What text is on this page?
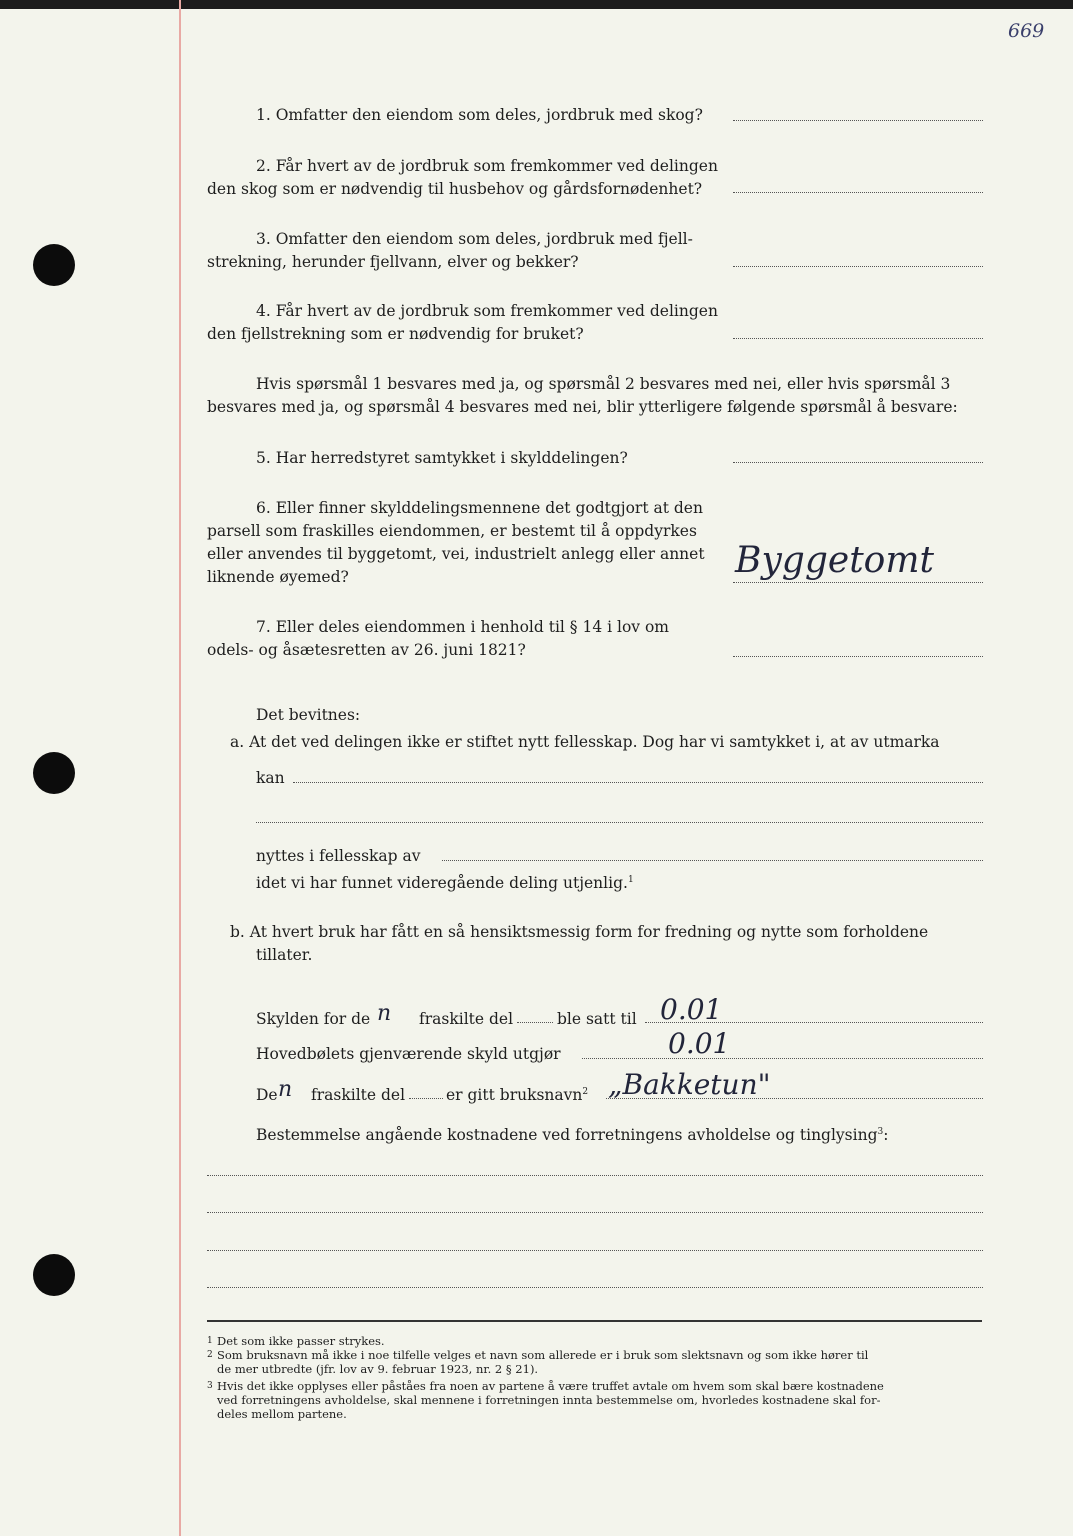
669
1. Omfatter den eiendom som deles, jordbruk med skog?
2. Får hvert av de jordbruk som fremkommer ved delingen
den skog som er nødvendig til husbehov og gårdsfornødenhet?
3. Omfatter den eiendom som deles, jordbruk med fjell-
strekning, herunder fjellvann, elver og bekker?
4. Får hvert av de jordbruk som fremkommer ved delingen
den fjellstrekning som er nødvendig for bruket?
Hvis spørsmål 1 besvares med ja, og spørsmål 2 besvares med nei, eller hvis spørsmål 3
besvares med ja, og spørsmål 4 besvares med nei, blir ytterligere følgende spørsmål å besvare:
5. Har herredstyret samtykket i skylddelingen?
6. Eller finner skylddelingsmennene det godtgjort at den
parsell som fraskilles eiendommen, er bestemt til å oppdyrkes
eller anvendes til byggetomt, vei, industrielt anlegg eller annet
liknende øyemed?	Byggetomt
7. Eller deles eiendommen i henhold til § 14 i lov om
odels- og åsætesretten av 26. juni 1821?
Det bevitnes:
a. At det ved delingen ikke er stiftet nytt fellesskap. Dog har vi samtykket i, at av utmarka
kan
nyttes i fellesskap av
idet vi har funnet videregående deling utjenlig.$^1$
b. At hvert bruk har fått en så hensiktsmessig form for fredning og nytte som forholdene
tillater.
Skylden for de n fraskilte del	ble satt til 0.01
Hovedbølets gjenværende skyld utgjør	0.01
De n fraskilte del	er gitt bruksnavn$^2$ „Bakketun"
Bestemmelse angående kostnadene ved forretningens avholdelse og tinglysing$^3$:
1 Det som ikke passer strykes.
2 Som bruksnavn må ikke i noe tilfelle velges et navn som allerede er i bruk som slektsnavn og som ikke hører til
de mer utbredte (jfr. lov av 9. februar 1923, nr. 2 § 21).
3 Hvis det ikke opplyses eller påståes fra noen av partene å være truffet avtale om hvem som skal bære kostnadene
ved forretningens avholdelse, skal mennene i forretningen innta bestemmelse om, hvorledes kostnadene skal for-
deles mellom partene.
